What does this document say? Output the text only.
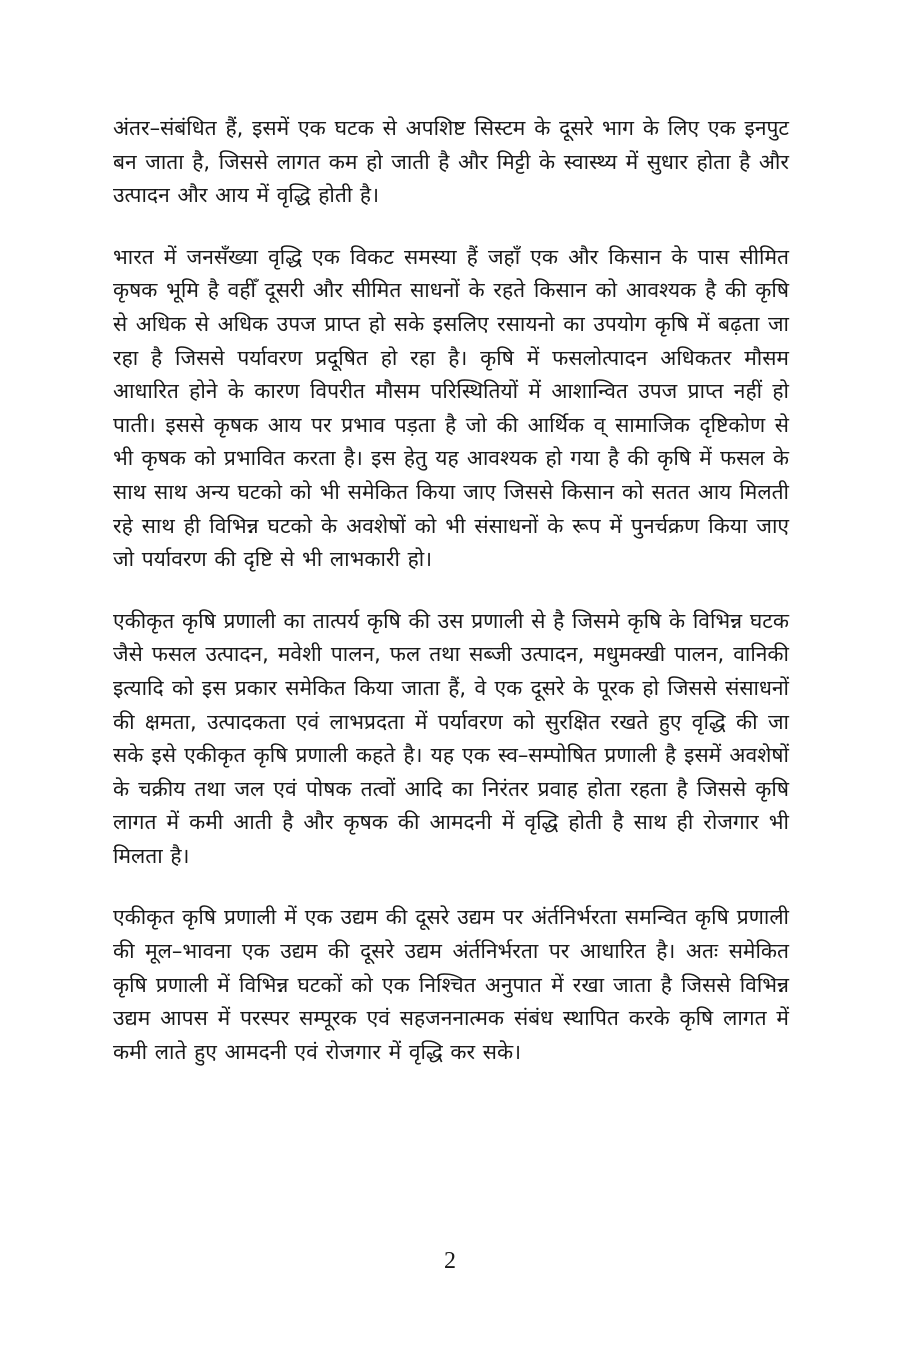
अंतर–संबंधित हैं, इसमें एक घटक से अपशिष्ट सिस्टम के दूसरे भाग के लिए एक इनपुट बन जाता है, जिससे लागत कम हो जाती है और मिट्टी के स्वास्थ्य में सुधार होता है और उत्पादन और आय में वृद्धि होती है।

भारत में जनसँख्या वृद्धि एक विकट समस्या हैं जहाँ एक और किसान के पास सीमित कृषक भूमि है वहीँ दूसरी और सीमित साधनों के रहते किसान को आवश्यक है की कृषि से अधिक से अधिक उपज प्राप्त हो सके इसलिए रसायनो का उपयोग कृषि में बढ़ता जा रहा है जिससे पर्यावरण प्रदूषित हो रहा है। कृषि में फसलोत्पादन अधिकतर मौसम आधारित होने के कारण विपरीत मौसम परिस्थितियों में आशान्वित उपज प्राप्त नहीं हो पाती। इससे कृषक आय पर प्रभाव पड़ता है जो की आर्थिक व् सामाजिक दृष्टिकोण से भी कृषक को प्रभावित करता है। इस हेतु यह आवश्यक हो गया है की कृषि में फसल के साथ साथ अन्य घटको को भी समेकित किया जाए जिससे किसान को सतत आय मिलती रहे साथ ही विभिन्न घटको के अवशेषों को भी संसाधनों के रूप में पुनर्चक्रण किया जाए जो पर्यावरण की दृष्टि से भी लाभकारी हो।

एकीकृत कृषि प्रणाली का तात्पर्य कृषि की उस प्रणाली से है जिसमे कृषि के विभिन्न घटक जैसे फसल उत्पादन, मवेशी पालन, फल तथा सब्जी उत्पादन, मधुमक्खी पालन, वानिकी इत्यादि को इस प्रकार समेकित किया जाता हैं, वे एक दूसरे के पूरक हो जिससे संसाधनों की क्षमता, उत्पादकता एवं लाभप्रदता में पर्यावरण को सुरक्षित रखते हुए वृद्धि की जा सके इसे एकीकृत कृषि प्रणाली कहते है। यह एक स्व–सम्पोषित प्रणाली है इसमें अवशेषों के चक्रीय तथा जल एवं पोषक तत्वों आदि का निरंतर प्रवाह होता रहता है जिससे कृषि लागत में कमी आती है और कृषक की आमदनी में वृद्धि होती है साथ ही रोजगार भी मिलता है।

एकीकृत कृषि प्रणाली में एक उद्यम की दूसरे उद्यम पर अंर्तनिर्भरता समन्वित कृषि प्रणाली की मूल–भावना एक उद्यम की दूसरे उद्यम अंर्तनिर्भरता पर आधारित है। अतः समेकित कृषि प्रणाली में विभिन्न घटकों को एक निश्चित अनुपात में रखा जाता है जिससे विभिन्न उद्यम आपस में परस्पर सम्पूरक एवं सहजननात्मक संबंध स्थापित करके कृषि लागत में कमी लाते हुए आमदनी एवं रोजगार में वृद्धि कर सके।

2
